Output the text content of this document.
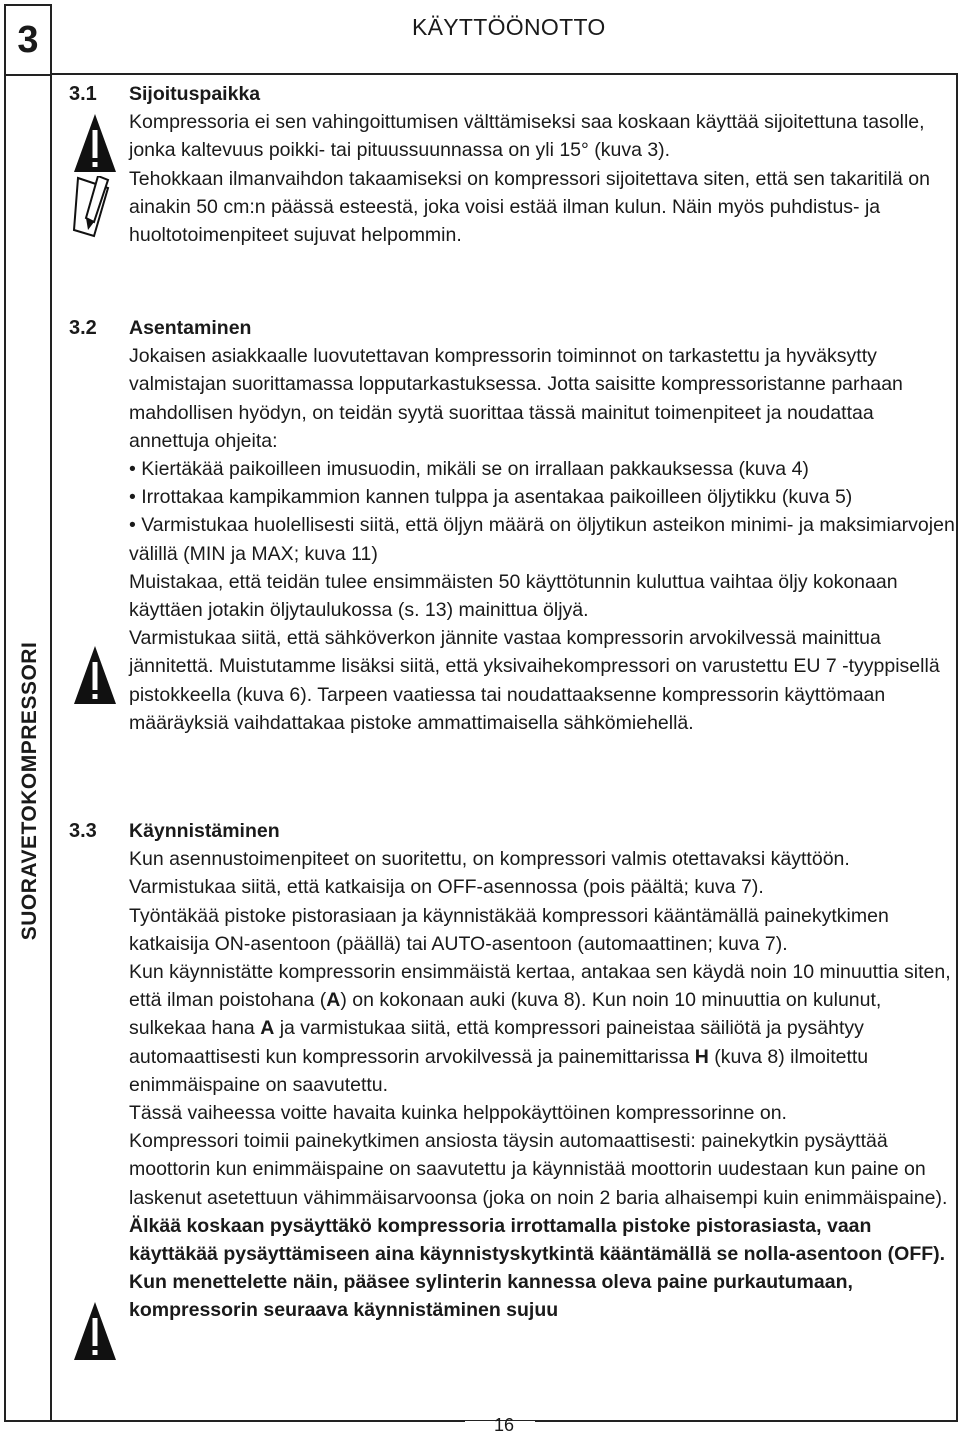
3
SUORAVETOKOMPRESSORI
KÄYTTÖÖNOTTO
3.1 Sijoituspaikka

Kompressoria ei sen vahingoittumisen välttämiseksi saa koskaan käyttää sijoitettuna tasolle, jonka kaltevuus poikki- tai pituussuunnassa on yli 15° (kuva 3).

Tehokkaan ilmanvaihdon takaamiseksi on kompressori sijoitettava siten, että sen takaritilä on ainakin 50 cm:n päässä esteestä, joka voisi estää ilman kulun. Näin myös puhdistus- ja huoltotoimenpiteet sujuvat helpommin.

3.2 Asentaminen

Jokaisen asiakkaalle luovutettavan kompressorin toiminnot on tarkastettu ja hyväksytty valmistajan suorittamassa lopputarkastuksessa. Jotta saisitte kompressoristanne parhaan mahdollisen hyödyn, on teidän syytä suorittaa tässä mainitut toimenpiteet ja noudattaa annettuja ohjeita:

• Kiertäkää paikoilleen imusuodin, mikäli se on irrallaan pakkauksessa (kuva 4)

• Irrottakaa kampikammion kannen tulppa ja asentakaa paikoilleen öljytikku (kuva 5)

• Varmistukaa huolellisesti siitä, että öljyn määrä on öljytikun asteikon minimi- ja maksimiarvojen välillä (MIN ja MAX; kuva 11)

Muistakaa, että teidän tulee ensimmäisten 50 käyttötunnin kuluttua vaihtaa öljy kokonaan käyttäen jotakin öljytaulukossa (s. 13) mainittua öljyä.

Varmistukaa siitä, että sähköverkon jännite vastaa kompressorin arvokilvessä mainittua jännitettä. Muistutamme lisäksi siitä, että yksivaihekompressori on varustettu EU 7 -tyyppisellä pistokkeella (kuva 6). Tarpeen vaatiessa tai noudattaaksenne kompressorin käyttömaan määräyksiä vaihdattakaa pistoke ammattimaisella sähkömiehellä.

3.3 Käynnistäminen

Kun asennustoimenpiteet on suoritettu, on kompressori valmis otettavaksi käyttöön. Varmistukaa siitä, että katkaisija on OFF-asennossa (pois päältä; kuva 7).

Työntäkää pistoke pistorasiaan ja käynnistäkää kompressori kääntämällä painekytkimen katkaisija ON-asentoon (päällä) tai AUTO-asentoon (automaattinen; kuva 7).

Kun käynnistätte kompressorin ensimmäistä kertaa, antakaa sen käydä noin 10 minuuttia siten, että ilman poistohana (A) on kokonaan auki (kuva 8). Kun noin 10 minuuttia on kulunut, sulkekaa hana A ja varmistukaa siitä, että kompressori paineistaa säiliötä ja pysähtyy automaattisesti kun kompressorin arvokilvessä ja painemittarissa H (kuva 8) ilmoitettu enimmäispaine on saavutettu.

Tässä vaiheessa voitte havaita kuinka helppokäyttöinen kompressorinne on.

Kompressori toimii painekytkimen ansiosta täysin automaattisesti: painekytkin pysäyttää moottorin kun enimmäispaine on saavutettu ja käynnistää moottorin uudestaan kun paine on laskenut asetettuun vähimmäisarvoonsa (joka on noin 2 baria alhaisempi kuin enimmäispaine).

Älkää koskaan pysäyttäkö kompressoria irrottamalla pistoke pistorasiasta, vaan käyttäkää pysäyttämiseen aina käynnistyskytkintä kääntämällä se nolla-asentoon (OFF). Kun menettelette näin, pääsee sylinterin kannessa oleva paine purkautumaan, kompressorin seuraava käynnistäminen sujuu

16
